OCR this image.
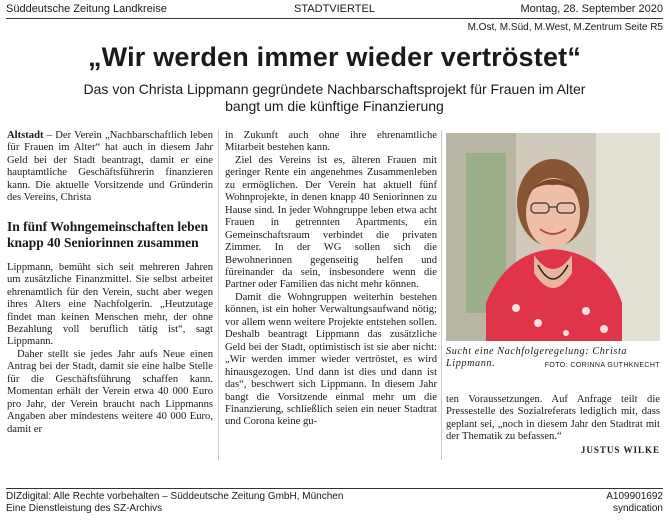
Süddeutsche Zeitung Landkreise	STADTVIERTEL	Montag, 28. September 2020
M.Ost, M.Süd, M.West, M.Zentrum Seite R5
„Wir werden immer wieder vertröstet“
Das von Christa Lippmann gegründete Nachbarschaftsprojekt für Frauen im Alter
bangt um die künftige Finanzierung

Altstadt – Der Verein „Nachbarschaftlich leben für Frauen im Alter“ hat auch in diesem Jahr Geld bei der Stadt beantragt, damit er eine hauptamtliche Geschäftsführerin finanzieren kann. Die aktuelle Vorsitzende und Gründerin des Vereins, Christa

In fünf Wohngemeinschaften leben knapp 40 Seniorinnen zusammen

Lippmann, bemüht sich seit mehreren Jahren um zusätzliche Finanzmittel. Sie selbst arbeitet ehrenamtlich für den Verein, sucht aber wegen ihres Alters eine Nachfolgerin. „Heutzutage findet man keinen Menschen mehr, der ohne Bezahlung voll beruflich tätig ist“, sagt Lippmann.

Daher stellt sie jedes Jahr aufs Neue einen Antrag bei der Stadt, damit sie eine halbe Stelle für die Geschäftsführung schaffen kann. Momentan erhält der Verein etwa 40 000 Euro pro Jahr, der Verein braucht nach Lippmanns Angaben aber mindestens weitere 40 000 Euro, damit er

in Zukunft auch ohne ihre ehrenamtliche Mitarbeit bestehen kann.

Ziel des Vereins ist es, älteren Frauen mit geringer Rente ein angenehmes Zusammenleben zu ermöglichen. Der Verein hat aktuell fünf Wohnprojekte, in denen knapp 40 Seniorinnen zu Hause sind. In jeder Wohngruppe leben etwa acht Frauen in getrennten Apartments, ein Gemeinschaftsraum verbindet die privaten Zimmer. In der WG sollen sich die Bewohnerinnen gegenseitig helfen und füreinander da sein, insbesondere wenn die Partner oder Familien das nicht mehr können.

Damit die Wohngruppen weiterhin bestehen können, ist ein hoher Verwaltungsaufwand nötig; vor allem wenn weitere Projekte entstehen sollen. Deshalb beantragt Lippmann das zusätzliche Geld bei der Stadt, optimistisch ist sie aber nicht: „Wir werden immer wieder vertröstet, es wird hinausgezogen. Und dann ist dies und dann ist das“, beschwert sich Lippmann. In diesem Jahr bangt die Vorsitzende einmal mehr um die Finanzierung, schließlich seien ein neuer Stadtrat und Corona keine gu-

Sucht eine Nachfolgeregelung: Christa Lippmann.	FOTO: CORINNA GUTHKNECHT

ten Voraussetzungen. Auf Anfrage teilt die Pressestelle des Sozialreferats lediglich mit, dass geplant sei, „noch in diesem Jahr den Stadtrat mit der Thematik zu befassen.“

JUSTUS WILKE

DIZdigital: Alle Rechte vorbehalten – Süddeutsche Zeitung GmbH, München
Eine Dienstleistung des SZ-Archivs
A109901692
syndication
